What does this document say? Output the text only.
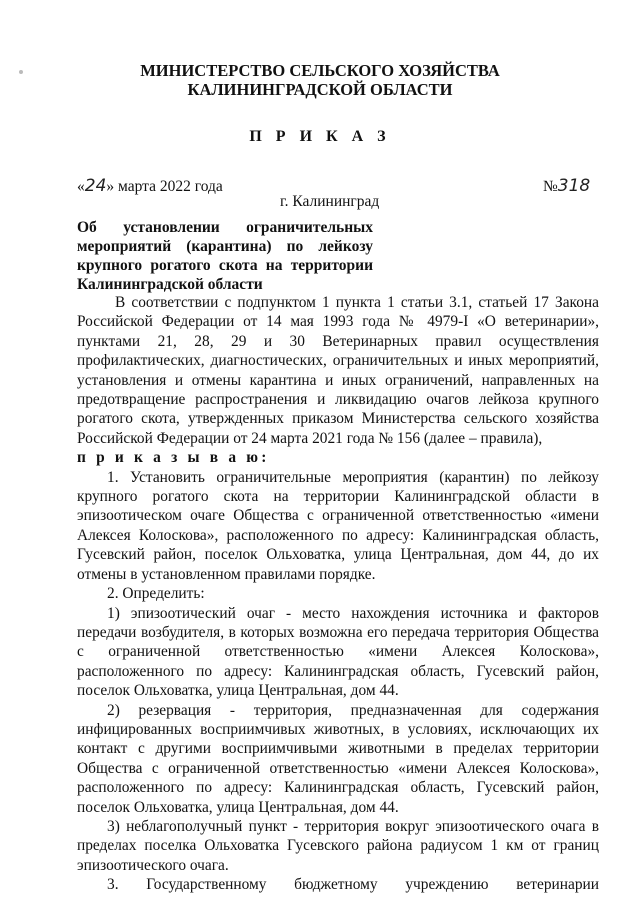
МИНИСТЕРСТВО СЕЛЬСКОГО ХОЗЯЙСТВА
КАЛИНИНГРАДСКОЙ ОБЛАСТИ
П Р И К А З
«24» марта 2022 года	№318
г. Калининград
Об установлении ограничительных мероприятий (карантина) по лейкозу крупного рогатого скота на территории Калининградской области

В соответствии с подпунктом 1 пункта 1 статьи 3.1, статьей 17 Закона Российской Федерации от 14 мая 1993 года № 4979-I «О ветеринарии», пунктами 21, 28, 29 и 30 Ветеринарных правил осуществления профилактических, диагностических, ограничительных и иных мероприятий, установления и отмены карантина и иных ограничений, направленных на предотвращение распространения и ликвидацию очагов лейкоза крупного рогатого скота, утвержденных приказом Министерства сельского хозяйства Российской Федерации от 24 марта 2021 года № 156 (далее – правила),

п р и к а з ы в а ю:

1. Установить ограничительные мероприятия (карантин) по лейкозу крупного рогатого скота на территории Калининградской области в эпизоотическом очаге Общества с ограниченной ответственностью «имени Алексея Колоскова», расположенного по адресу: Калининградская область, Гусевский район, поселок Ольховатка, улица Центральная, дом 44, до их отмены в установленном правилами порядке.

2. Определить:

1) эпизоотический очаг - место нахождения источника и факторов передачи возбудителя, в которых возможна его передача территория Общества с ограниченной ответственностью «имени Алексея Колоскова», расположенного по адресу: Калининградская область, Гусевский район, поселок Ольховатка, улица Центральная, дом 44.

2) резервация - территория, предназначенная для содержания инфицированных восприимчивых животных, в условиях, исключающих их контакт с другими восприимчивыми животными в пределах территории Общества с ограниченной ответственностью «имени Алексея Колоскова», расположенного по адресу: Калининградская область, Гусевский район, поселок Ольховатка, улица Центральная, дом 44.

3) неблагополучный пункт - территория вокруг эпизоотического очага в пределах поселка Ольховатка Гусевского района радиусом 1 км от границ эпизоотического очага.

3. Государственному бюджетному учреждению ветеринарии
